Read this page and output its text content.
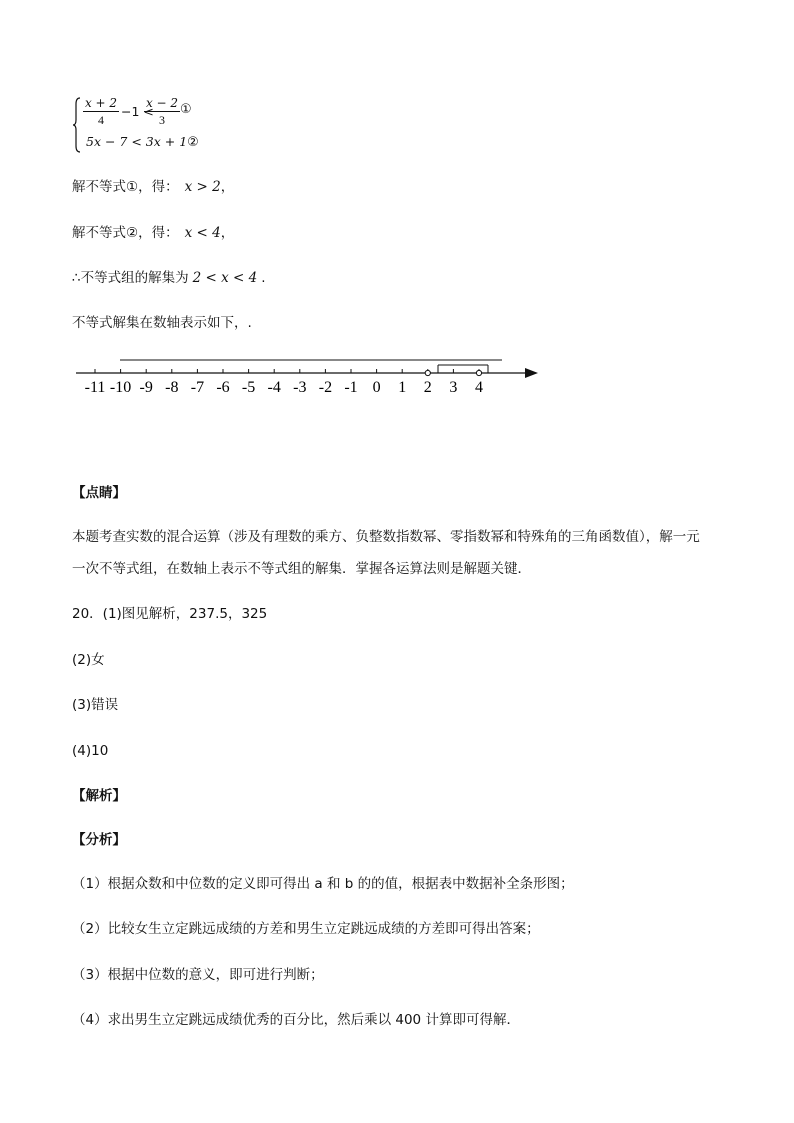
x + 2
4
−1 <
x − 2
3
①
5x − 7 < 3x + 1②
解不等式①，得： x > 2，
解不等式②，得： x < 4，
∴不等式组的解集为 2 < x < 4 .
不等式解集在数轴表示如下，.
-11 -10 -9 -8 -7 -6 -5 -4 -3 -2 -1 0 1 2 3 4
【点睛】
本题考查实数的混合运算（涉及有理数的乘方、负整数指数幂、零指数幂和特殊角的三角函数值），解一元
一次不等式组，在数轴上表示不等式组的解集．掌握各运算法则是解题关键．
20．(1)图见解析，237.5，325
(2)女
(3)错误
(4)10
【解析】
【分析】
（1）根据众数和中位数的定义即可得出 a 和 b 的的值，根据表中数据补全条形图；
（2）比较女生立定跳远成绩的方差和男生立定跳远成绩的方差即可得出答案；
（3）根据中位数的意义，即可进行判断；
（4）求出男生立定跳远成绩优秀的百分比，然后乘以 400 计算即可得解．
